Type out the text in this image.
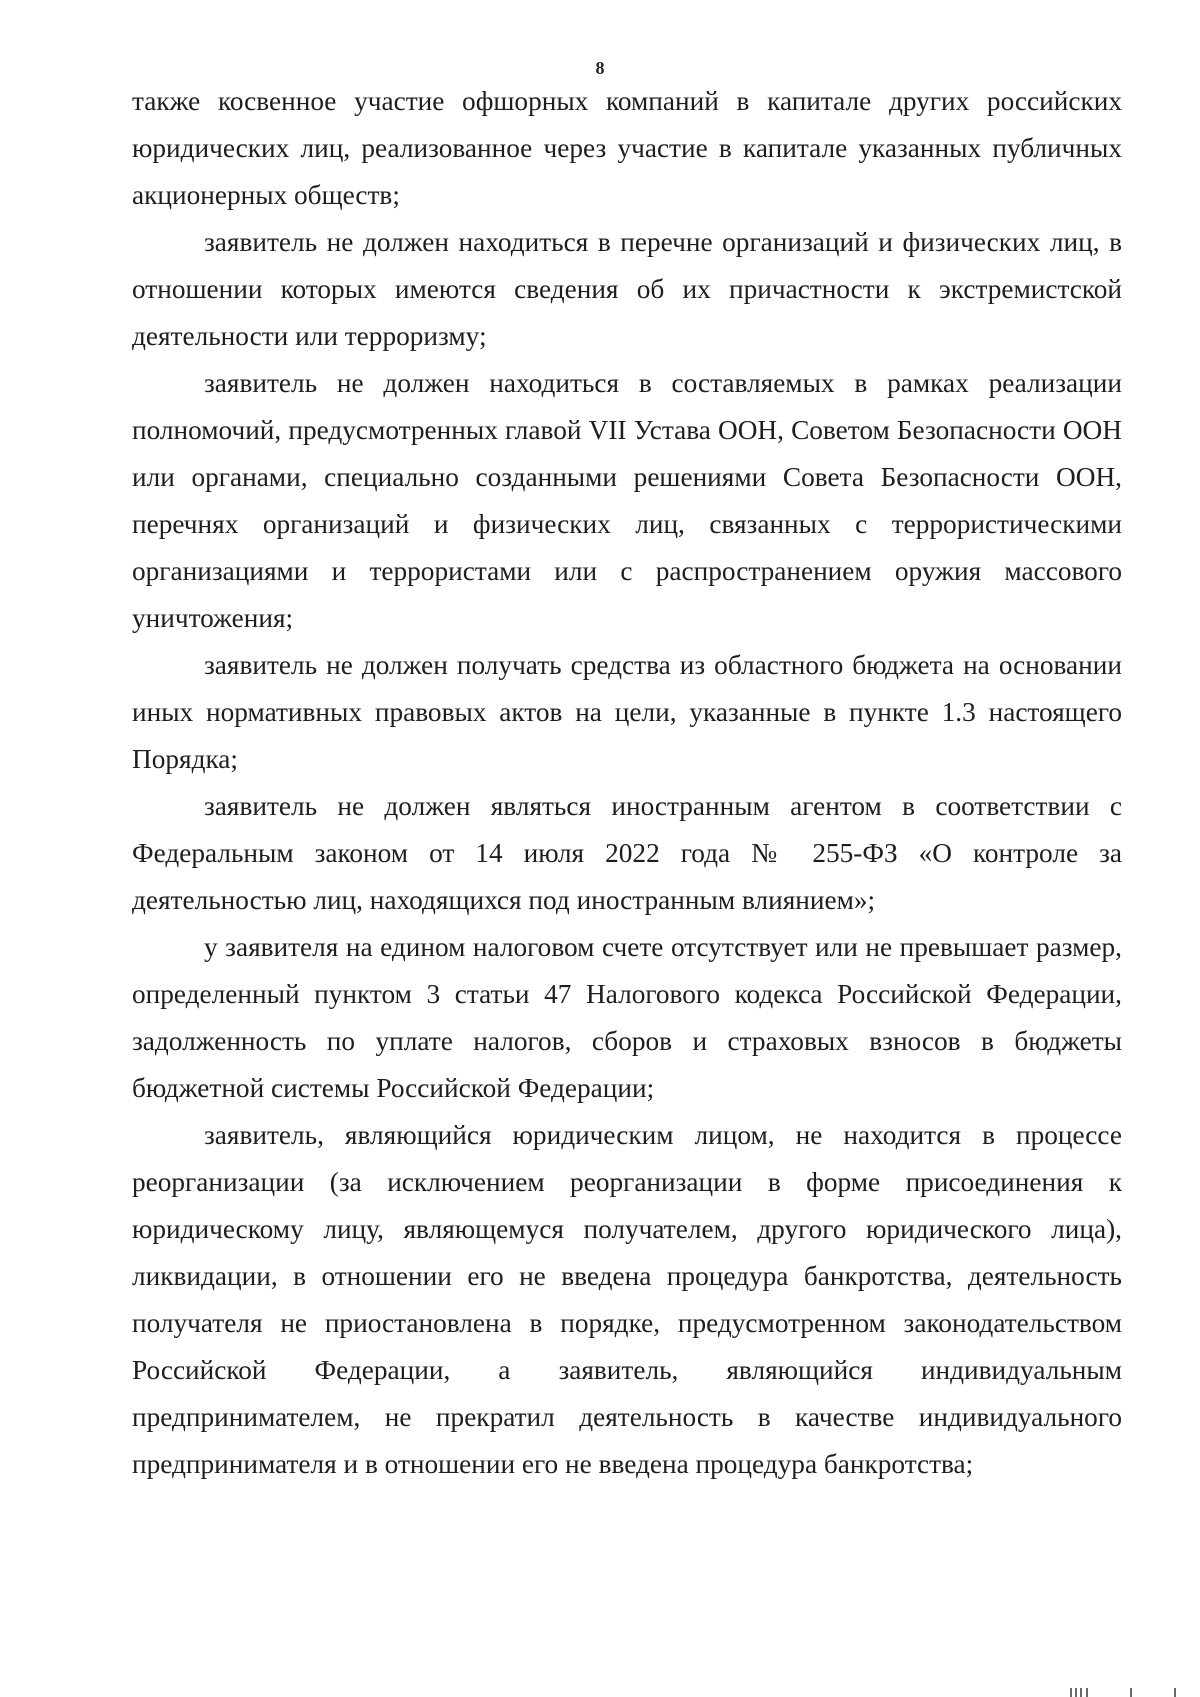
8

также косвенное участие офшорных компаний в капитале других российских юридических лиц, реализованное через участие в капитале указанных публичных акционерных обществ;

заявитель не должен находиться в перечне организаций и физических лиц, в отношении которых имеются сведения об их причастности к экстремистской деятельности или терроризму;

заявитель не должен находиться в составляемых в рамках реализации полномочий, предусмотренных главой VII Устава ООН, Советом Безопасности ООН или органами, специально созданными решениями Совета Безопасности ООН, перечнях организаций и физических лиц, связанных с террористическими организациями и террористами или с распространением оружия массового уничтожения;

заявитель не должен получать средства из областного бюджета на основании иных нормативных правовых актов на цели, указанные в пункте 1.3 настоящего Порядка;

заявитель не должен являться иностранным агентом в соответствии с Федеральным законом от 14 июля 2022 года № 255-ФЗ «О контроле за деятельностью лиц, находящихся под иностранным влиянием»;

у заявителя на едином налоговом счете отсутствует или не превышает размер, определенный пунктом 3 статьи 47 Налогового кодекса Российской Федерации, задолженность по уплате налогов, сборов и страховых взносов в бюджеты бюджетной системы Российской Федерации;

заявитель, являющийся юридическим лицом, не находится в процессе реорганизации (за исключением реорганизации в форме присоединения к юридическому лицу, являющемуся получателем, другого юридического лица), ликвидации, в отношении его не введена процедура банкротства, деятельность получателя не приостановлена в порядке, предусмотренном законодательством Российской Федерации, а заявитель, являющийся индивидуальным предпринимателем, не прекратил деятельность в качестве индивидуального предпринимателя и в отношении его не введена процедура банкротства;
